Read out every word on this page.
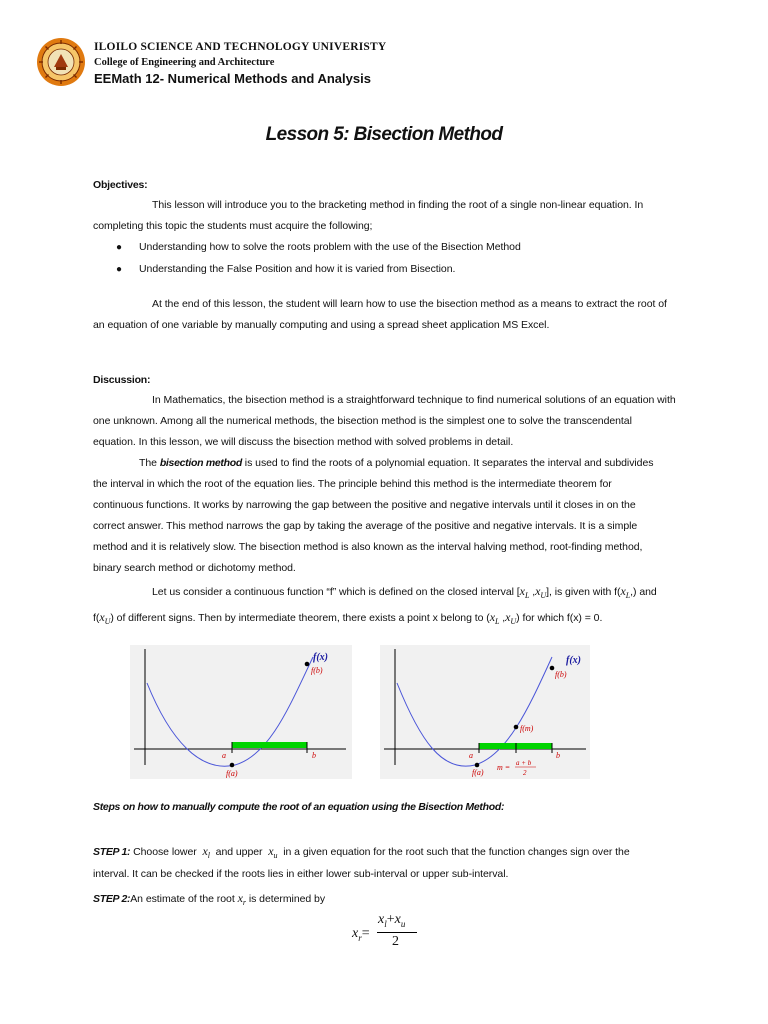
ILOILO SCIENCE AND TECHNOLOGY UNIVERISTY
College of Engineering and Architecture
EEMath 12- Numerical Methods and Analysis
Lesson 5: Bisection Method
Objectives:
This lesson will introduce you to the bracketing method in finding the root of a single non-linear equation. In
completing this topic the students must acquire the following;
● Understanding how to solve the roots problem with the use of the Bisection Method
● Understanding the False Position and how it is varied from Bisection.
At the end of this lesson, the student will learn how to use the bisection method as a means to extract the root of
an equation of one variable by manually computing and using a spread sheet application MS Excel.
Discussion:
In Mathematics, the bisection method is a straightforward technique to find numerical solutions of an equation with
one unknown. Among all the numerical methods, the bisection method is the simplest one to solve the transcendental
equation. In this lesson, we will discuss the bisection method with solved problems in detail.
The bisection method is used to find the roots of a polynomial equation. It separates the interval and subdivides
the interval in which the root of the equation lies. The principle behind this method is the intermediate theorem for
continuous functions. It works by narrowing the gap between the positive and negative intervals until it closes in on the
correct answer. This method narrows the gap by taking the average of the positive and negative intervals. It is a simple
method and it is relatively slow. The bisection method is also known as the interval halving method, root-finding method,
binary search method or dichotomy method.
Let us consider a continuous function “f” which is defined on the closed interval [$x_L$ $,x_U$], is given with $f(x_L,)$ and
$f(x_U)$ of different signs. Then by intermediate theorem, there exists a point x belong to ($x_L$ $,x_U$) for which f(x) = 0.
f(x)
f(b)
a	b
f(a)
f(x)
f(b)
f(m)
a	b
f(a)
m = a + b
2
Steps on how to manually compute the root of an equation using the Bisection Method:
STEP 1: Choose lower $x_l$ and upper $x_u$ in a given equation for the root such that the function changes sign over the
interval. It can be checked if the roots lies in either lower sub-interval or upper sub-interval.
STEP 2:An estimate of the root $x_r$ is determined by
$x_r=$
$x_l+x_u$
2
